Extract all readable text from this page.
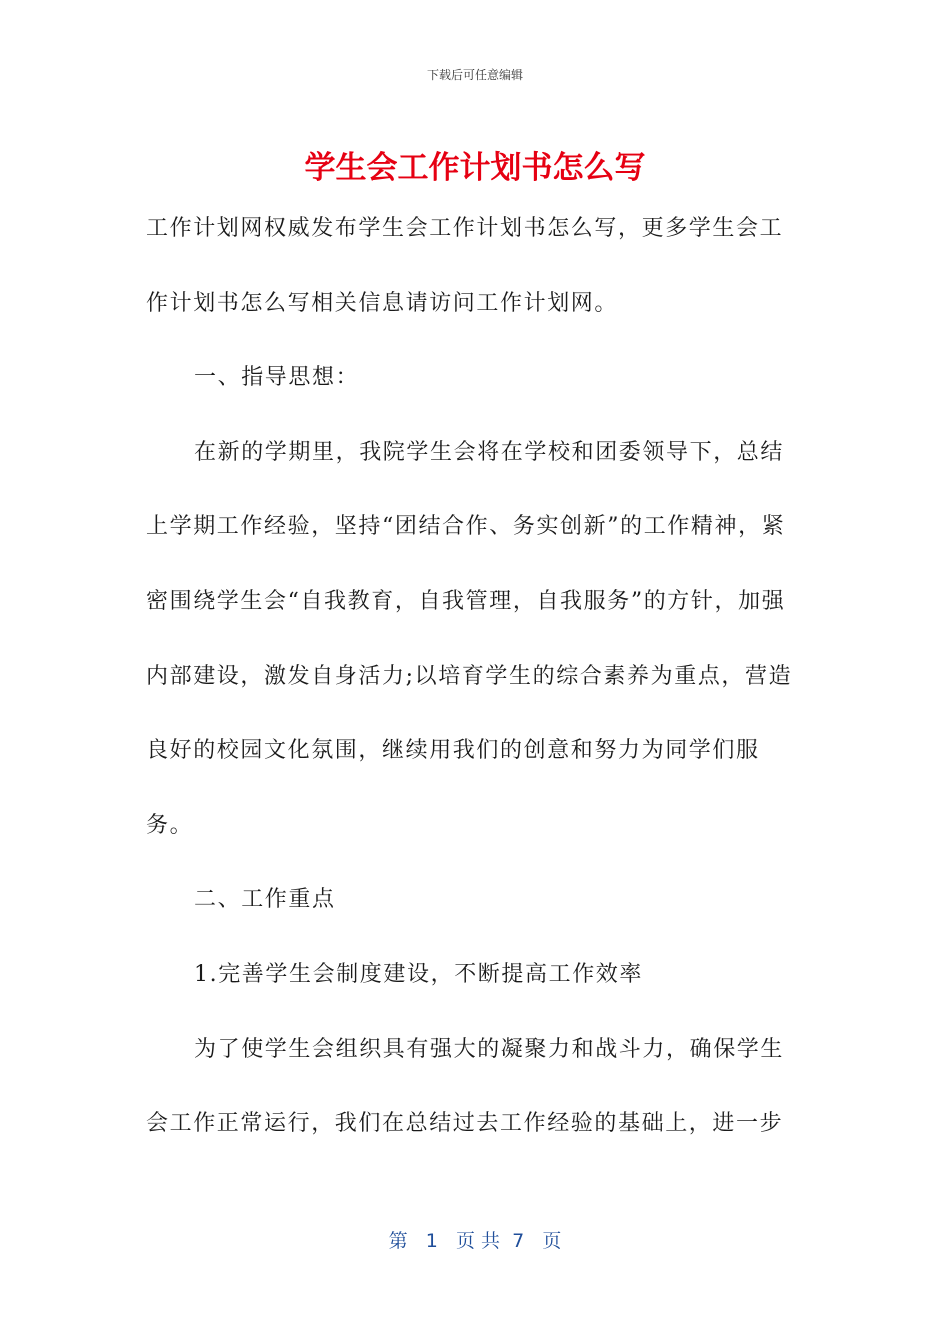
下载后可任意编辑
学生会工作计划书怎么写

工作计划网权威发布学生会工作计划书怎么写，更多学生会工作计划书怎么写相关信息请访问工作计划网。

一、指导思想：

在新的学期里，我院学生会将在学校和团委领导下，总结上学期工作经验，坚持“团结合作、务实创新”的工作精神，紧密围绕学生会“自我教育，自我管理，自我服务”的方针，加强内部建设，激发自身活力;以培育学生的综合素养为重点，营造良好的校园文化氛围，继续用我们的创意和努力为同学们服务。

二、工作重点

1.完善学生会制度建设，不断提高工作效率

为了使学生会组织具有强大的凝聚力和战斗力，确保学生会工作正常运行，我们在总结过去工作经验的基础上，进一步

第 1 页 共 7 页
